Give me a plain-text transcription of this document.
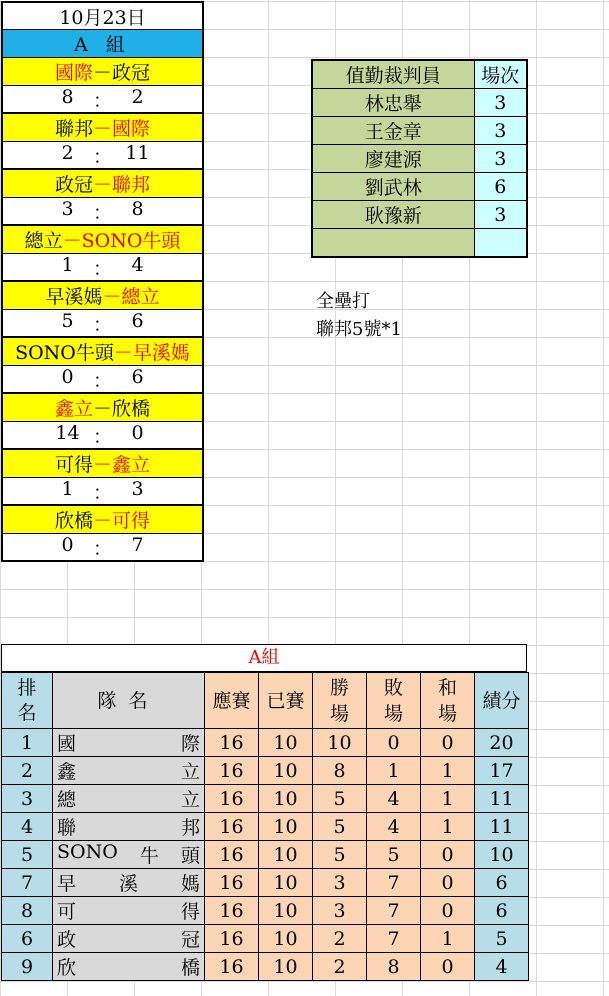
10月23日
A 組
國際 － 政冠
8	：	2
聯邦 － 國際
2	： 11
政冠 － 聯邦
3	：	8
總立 － SONO牛頭
1	：	4
早溪媽 － 總立
5	：	6
SONO牛頭 － 早溪媽
0	：	6
鑫立 － 欣橋
14 ：	0
可得 － 鑫立
1	：	3
欣橋 － 可得
0	：	7
值勤裁判員	場次
林忠舉	3
王金章	3
廖建源	3
劉武林	6
耿豫新	3

全壘打
聯邦5號*1
A組
排名	隊名	應賽	已賽	勝場	敗場	和場	績分
1	國 際	16	10	10	0	0	20
2	鑫 立	16	10	8	1	1	17
3	總 立	16	10	5	4	1	11
4	聯 邦	16	10	5	4	1	11
5	SONO 牛 頭	16	10	5	5	0	10
7	早 溪 媽	16	10	3	7	0	6
8	可 得	16	10	3	7	0	6
6	政 冠	16	10	2	7	1	5
9	欣 橋	16	10	2	8	0	4
